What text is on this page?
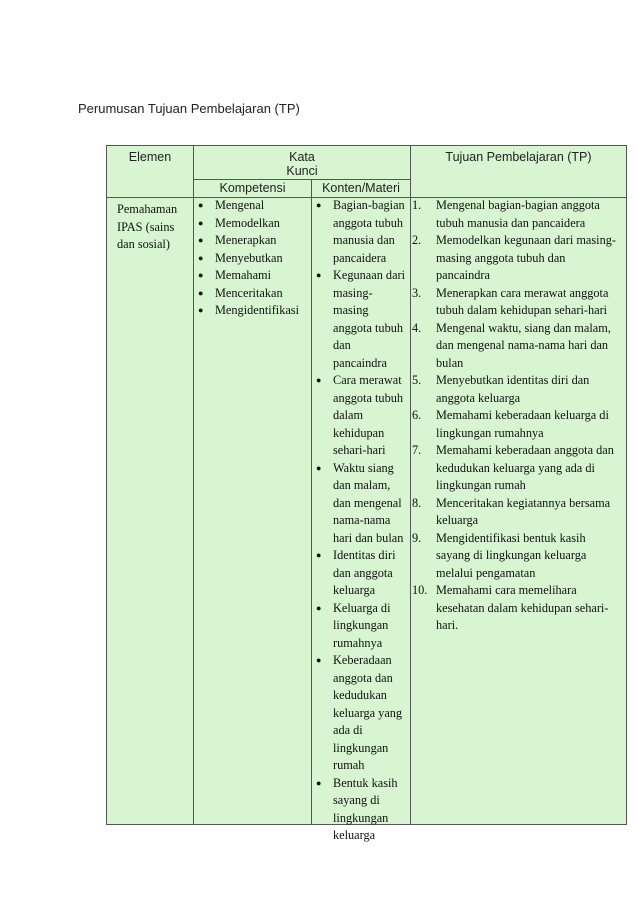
Perumusan Tujuan Pembelajaran (TP)
Elemen	Kata
Kunci
Kompetensi	Konten/Materi
Tujuan Pembelajaran (TP)
Pemahaman
IPAS (sains
dan sosial)
● Mengenal
● Memodelkan
● Menerapkan
● Menyebutkan
● Memahami
● Menceritakan
● Mengidentifikasi
● Bagian-bagian
anggota tubuh
manusia dan
pancaidera
● Kegunaan dari
masing-
masing
anggota tubuh
dan
pancaindra
● Cara merawat
anggota tubuh
dalam
kehidupan
sehari-hari
● Waktu siang
dan malam,
dan mengenal
nama-nama
hari dan bulan
● Identitas diri
dan anggota
keluarga
● Keluarga di
lingkungan
rumahnya
● Keberadaan
anggota dan
kedudukan
keluarga yang
ada di
lingkungan
rumah
● Bentuk kasih
sayang di
lingkungan
keluarga
1. Mengenal bagian-bagian anggota
tubuh manusia dan pancaidera
2. Memodelkan kegunaan dari masing-
masing anggota tubuh dan
pancaindra
3. Menerapkan cara merawat anggota
tubuh dalam kehidupan sehari-hari
4. Mengenal waktu, siang dan malam,
dan mengenal nama-nama hari dan
bulan
5. Menyebutkan identitas diri dan
anggota keluarga
6. Memahami keberadaan keluarga di
lingkungan rumahnya
7. Memahami keberadaan anggota dan
kedudukan keluarga yang ada di
lingkungan rumah
8. Menceritakan kegiatannya bersama
keluarga
9. Mengidentifikasi bentuk kasih
sayang di lingkungan keluarga
melalui pengamatan
10. Memahami cara memelihara
kesehatan dalam kehidupan sehari-
hari.
